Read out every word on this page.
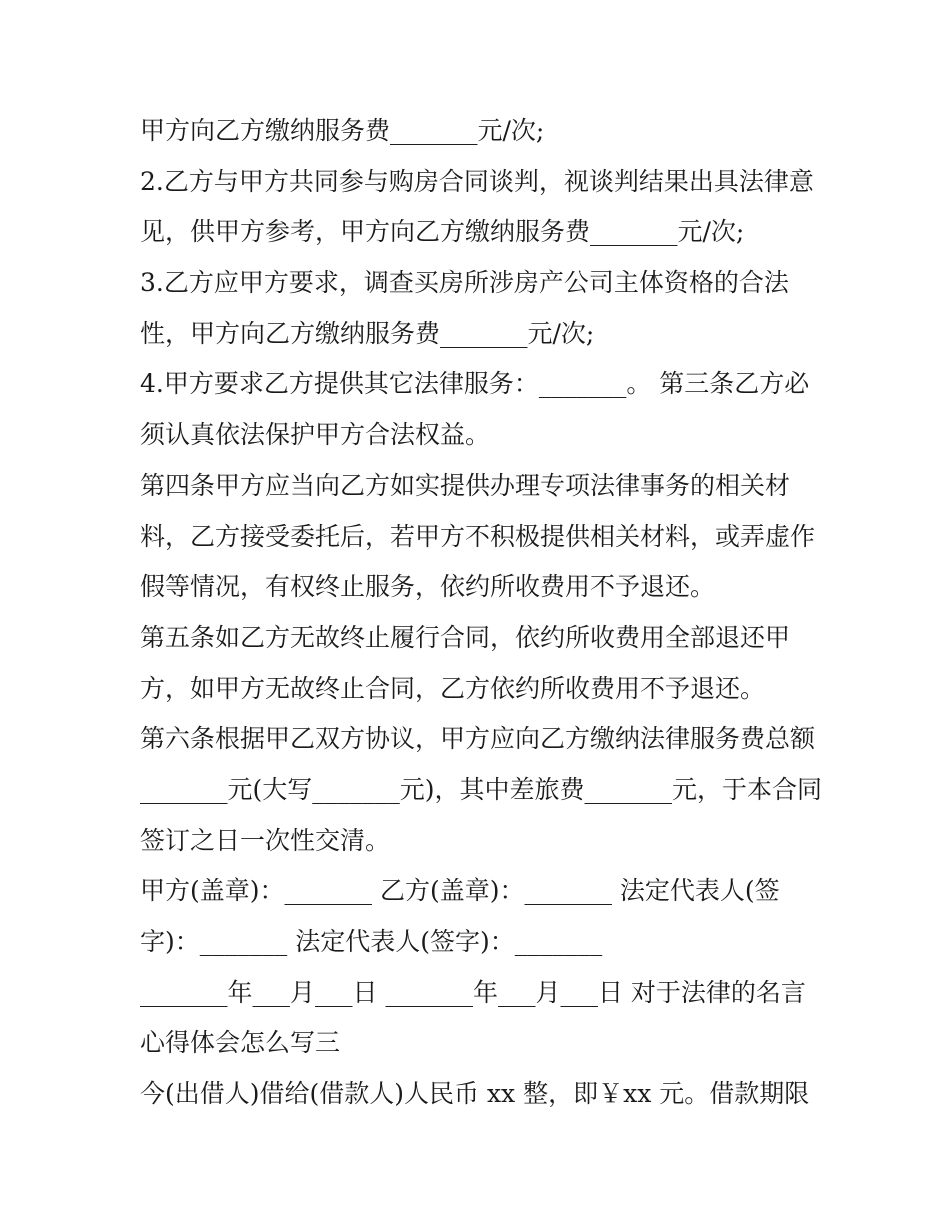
甲方向乙方缴纳服务费_______元/次;
2.乙方与甲方共同参与购房合同谈判，视谈判结果出具法律意
见，供甲方参考，甲方向乙方缴纳服务费_______元/次;
3.乙方应甲方要求，调查买房所涉房产公司主体资格的合法
性，甲方向乙方缴纳服务费_______元/次;
4.甲方要求乙方提供其它法律服务：_______。 第三条乙方必
须认真依法保护甲方合法权益。
第四条甲方应当向乙方如实提供办理专项法律事务的相关材
料，乙方接受委托后，若甲方不积极提供相关材料，或弄虚作
假等情况，有权终止服务，依约所收费用不予退还。
第五条如乙方无故终止履行合同，依约所收费用全部退还甲
方，如甲方无故终止合同，乙方依约所收费用不予退还。
第六条根据甲乙双方协议，甲方应向乙方缴纳法律服务费总额
_______元(大写_______元)，其中差旅费_______元，于本合同
签订之日一次性交清。
甲方(盖章)：_______ 乙方(盖章)：_______ 法定代表人(签
字)：_______ 法定代表人(签字)：_______
_______年___月___日 _______年___月___日 对于法律的名言
心得体会怎么写三
今(出借人)借给(借款人)人民币 xx 整，即￥xx 元。借款期限
